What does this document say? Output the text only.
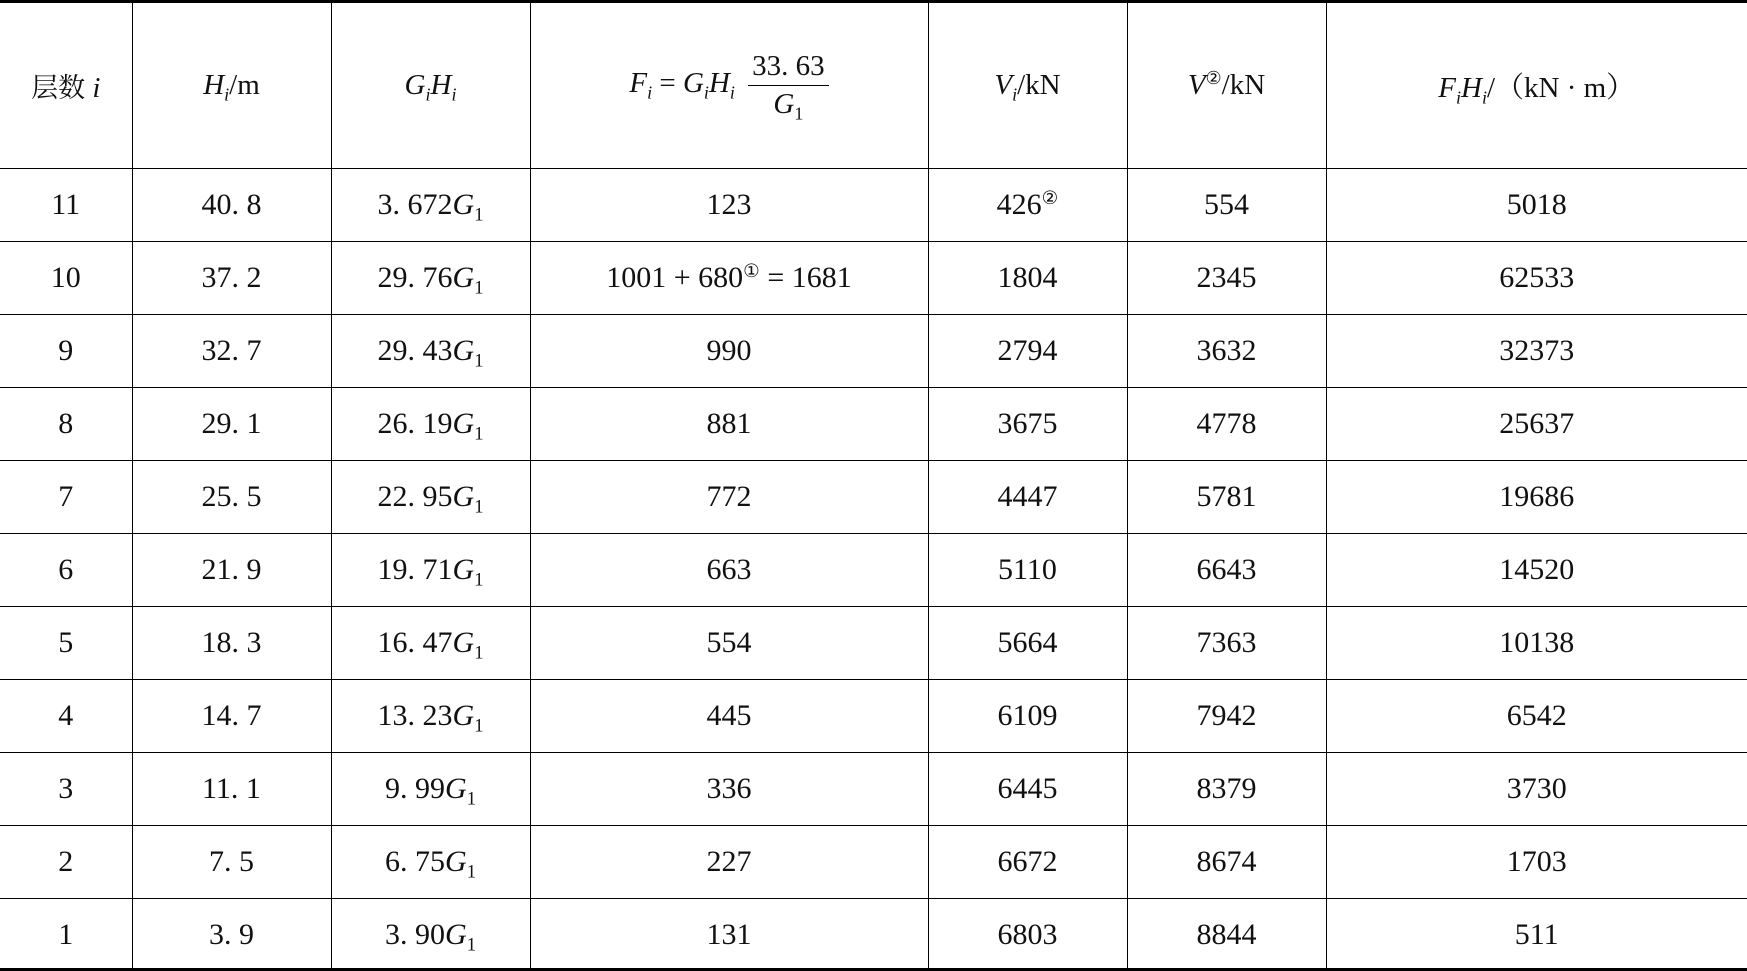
层数 i	$H_i/m$	$G_iH_i$	$F_i = G_iH_i \frac{33. 63}{G_1}$	$V_i/kN$	V②/kN	$F_iH_i/(kN \cdot m)$
11	40. 8	3. $672G_1$	123	426②	554	5018
10	37. 2	29. $76G_1$	1001 + 680① = 1681	1804	2345	62533
9	32. 7	29. $43G_1$	990	2794	3632	32373
8	29. 1	26. $19G_1$	881	3675	4778	25637
7	25. 5	22. $95G_1$	772	4447	5781	19686
6	21. 9	19. $71G_1$	663	5110	6643	14520
5	18. 3	16. $47G_1$	554	5664	7363	10138
4	14. 7	13. $23G_1$	445	6109	7942	6542
3	11. 1	9. $99G_1$	336	6445	8379	3730
2	7. 5	6. $75G_1$	227	6672	8674	1703
1	3. 9	3. $90G_1$	131	6803	8844	511
